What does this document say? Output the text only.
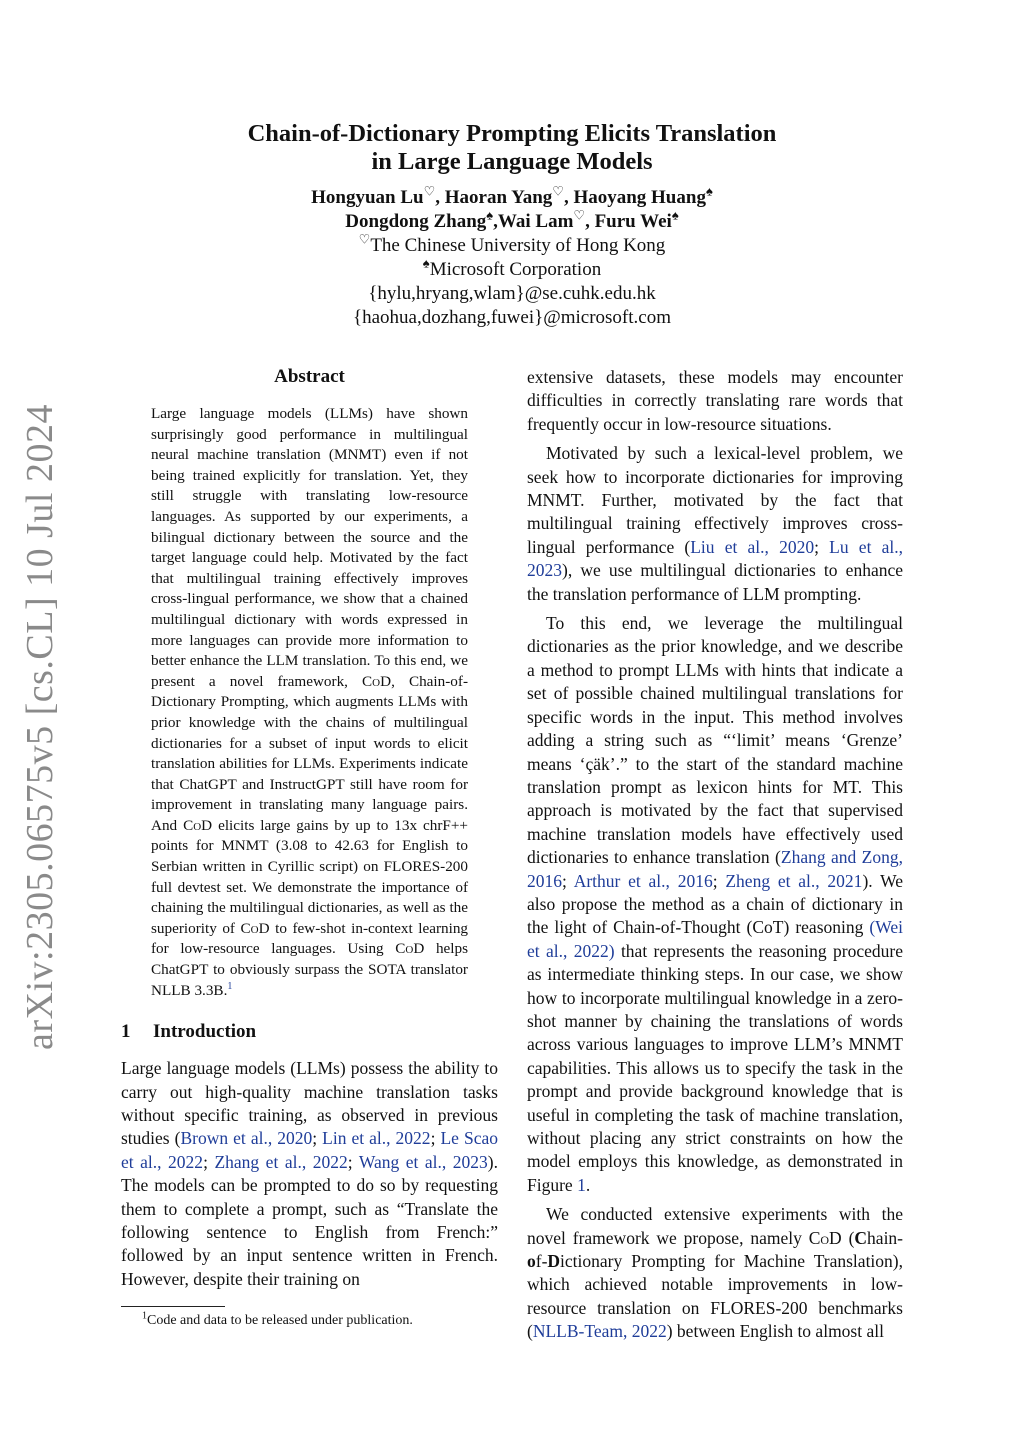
arXiv:2305.06575v5 [cs.CL] 10 Jul 2024
Chain-of-Dictionary Prompting Elicits Translation
in Large Language Models
Hongyuan Lu♡, Haoran Yang♡, Haoyang Huang♠
Dongdong Zhang♠,Wai Lam♡, Furu Wei♠
♡The Chinese University of Hong Kong
♠Microsoft Corporation
{hylu,hryang,wlam}@se.cuhk.edu.hk
{haohua,dozhang,fuwei}@microsoft.com
Abstract

Large language models (LLMs) have shown surprisingly good performance in multilingual neural machine translation (MNMT) even if not being trained explicitly for translation. Yet, they still struggle with translating low-resource languages. As supported by our experiments, a bilingual dictionary between the source and the target language could help. Motivated by the fact that multilingual training effectively improves cross-lingual performance, we show that a chained multilingual dictionary with words expressed in more languages can provide more information to better enhance the LLM translation. To this end, we present a novel framework, CoD, Chain-of-Dictionary Prompting, which augments LLMs with prior knowledge with the chains of multilingual dictionaries for a subset of input words to elicit translation abilities for LLMs. Experiments indicate that ChatGPT and InstructGPT still have room for improvement in translating many language pairs. And CoD elicits large gains by up to 13x chrF++ points for MNMT (3.08 to 42.63 for English to Serbian written in Cyrillic script) on FLORES-200 full devtest set. We demonstrate the importance of chaining the multilingual dictionaries, as well as the superiority of CoD to few-shot in-context learning for low-resource languages. Using CoD helps ChatGPT to obviously surpass the SOTA translator NLLB 3.3B.$^1$

1 Introduction

Large language models (LLMs) possess the ability to carry out high-quality machine translation tasks without specific training, as observed in previous studies (Brown et al., 2020; Lin et al., 2022; Le Scao et al., 2022; Zhang et al., 2022; Wang et al., 2023). The models can be prompted to do so by requesting them to complete a prompt, such as “Translate the following sentence to English from French:” followed by an input sentence written in French. However, despite their training on

extensive datasets, these models may encounter difficulties in correctly translating rare words that frequently occur in low-resource situations.

Motivated by such a lexical-level problem, we seek how to incorporate dictionaries for improving MNMT. Further, motivated by the fact that multilingual training effectively improves cross-lingual performance (Liu et al., 2020; Lu et al., 2023), we use multilingual dictionaries to enhance the translation performance of LLM prompting.

To this end, we leverage the multilingual dictionaries as the prior knowledge, and we describe a method to prompt LLMs with hints that indicate a set of possible chained multilingual translations for specific words in the input. This method involves adding a string such as “‘limit’ means ‘Grenze’ means ‘çäk’.” to the start of the standard machine translation prompt as lexicon hints for MT. This approach is motivated by the fact that supervised machine translation models have effectively used dictionaries to enhance translation (Zhang and Zong, 2016; Arthur et al., 2016; Zheng et al., 2021). We also propose the method as a chain of dictionary in the light of Chain-of-Thought (CoT) reasoning (Wei et al., 2022) that represents the reasoning procedure as intermediate thinking steps. In our case, we show how to incorporate multilingual knowledge in a zero-shot manner by chaining the translations of words across various languages to improve LLM’s MNMT capabilities. This allows us to specify the task in the prompt and provide background knowledge that is useful in completing the task of machine translation, without placing any strict constraints on how the model employs this knowledge, as demonstrated in Figure 1.

We conducted extensive experiments with the novel framework we propose, namely CoD (Chain-of-Dictionary Prompting for Machine Translation), which achieved notable improvements in low-resource translation on FLORES-200 benchmarks (NLLB-Team, 2022) between English to almost all

$^1$Code and data to be released under publication.
